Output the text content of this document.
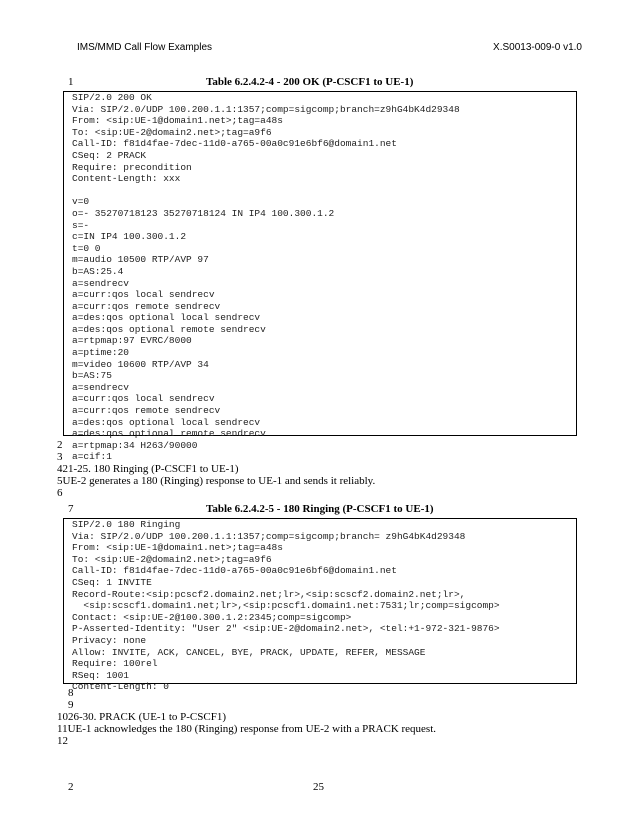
IMS/MMD Call Flow Examples	X.S0013-009-0 v1.0
1	Table 6.2.4.2-4 - 200 OK (P-CSCF1 to UE-1)
SIP/2.0 200 OK
Via: SIP/2.0/UDP 100.200.1.1:1357;comp=sigcomp;branch=z9hG4bK4d29348
From: <sip:UE-1@domain1.net>;tag=a48s
To: <sip:UE-2@domain2.net>;tag=a9f6
Call-ID: f81d4fae-7dec-11d0-a765-00a0c91e6bf6@domain1.net
CSeq: 2 PRACK
Require: precondition
Content-Length: xxx
v=0
o=- 35270718123 35270718124 IN IP4 100.300.1.2
s=-
c=IN IP4 100.300.1.2
t=0 0
m=audio 10500 RTP/AVP 97
b=AS:25.4
a=sendrecv
a=curr:qos local sendrecv
a=curr:qos remote sendrecv
a=des:qos optional local sendrecv
a=des:qos optional remote sendrecv
a=rtpmap:97 EVRC/8000
a=ptime:20
m=video 10600 RTP/AVP 34
b=AS:75
a=sendrecv
a=curr:qos local sendrecv
a=curr:qos remote sendrecv
a=des:qos optional local sendrecv
a=des:qos optional remote sendrecv
a=rtpmap:34 H263/90000
a=cif:1
2
3
421-25. 180 Ringing (P-CSCF1 to UE-1)
5UE-2 generates a 180 (Ringing) response to UE-1 and sends it reliably.
6
7	Table 6.2.4.2-5 - 180 Ringing (P-CSCF1 to UE-1)
SIP/2.0 180 Ringing
Via: SIP/2.0/UDP 100.200.1.1:1357;comp=sigcomp;branch= z9hG4bK4d29348
From: <sip:UE-1@domain1.net>;tag=a48s
To: <sip:UE-2@domain2.net>;tag=a9f6
Call-ID: f81d4fae-7dec-11d0-a765-00a0c91e6bf6@domain1.net
CSeq: 1 INVITE
Record-Route:<sip:pcscf2.domain2.net;lr>,<sip:scscf2.domain2.net;lr>,
<sip:scscf1.domain1.net;lr>,<sip:pcscf1.domain1.net:7531;lr;comp=sigcomp>
Contact: <sip:UE-2@100.300.1.2:2345;comp=sigcomp>
P-Asserted-Identity: "User 2" <sip:UE-2@domain2.net>, <tel:+1-972-321-9876>
Privacy: none
Allow: INVITE, ACK, CANCEL, BYE, PRACK, UPDATE, REFER, MESSAGE
Require: 100rel
RSeq: 1001
Content-Length: 0
8
9
1026-30. PRACK (UE-1 to P-CSCF1)
11UE-1 acknowledges the 180 (Ringing) response from UE-2 with a PRACK request.
12
2	25
